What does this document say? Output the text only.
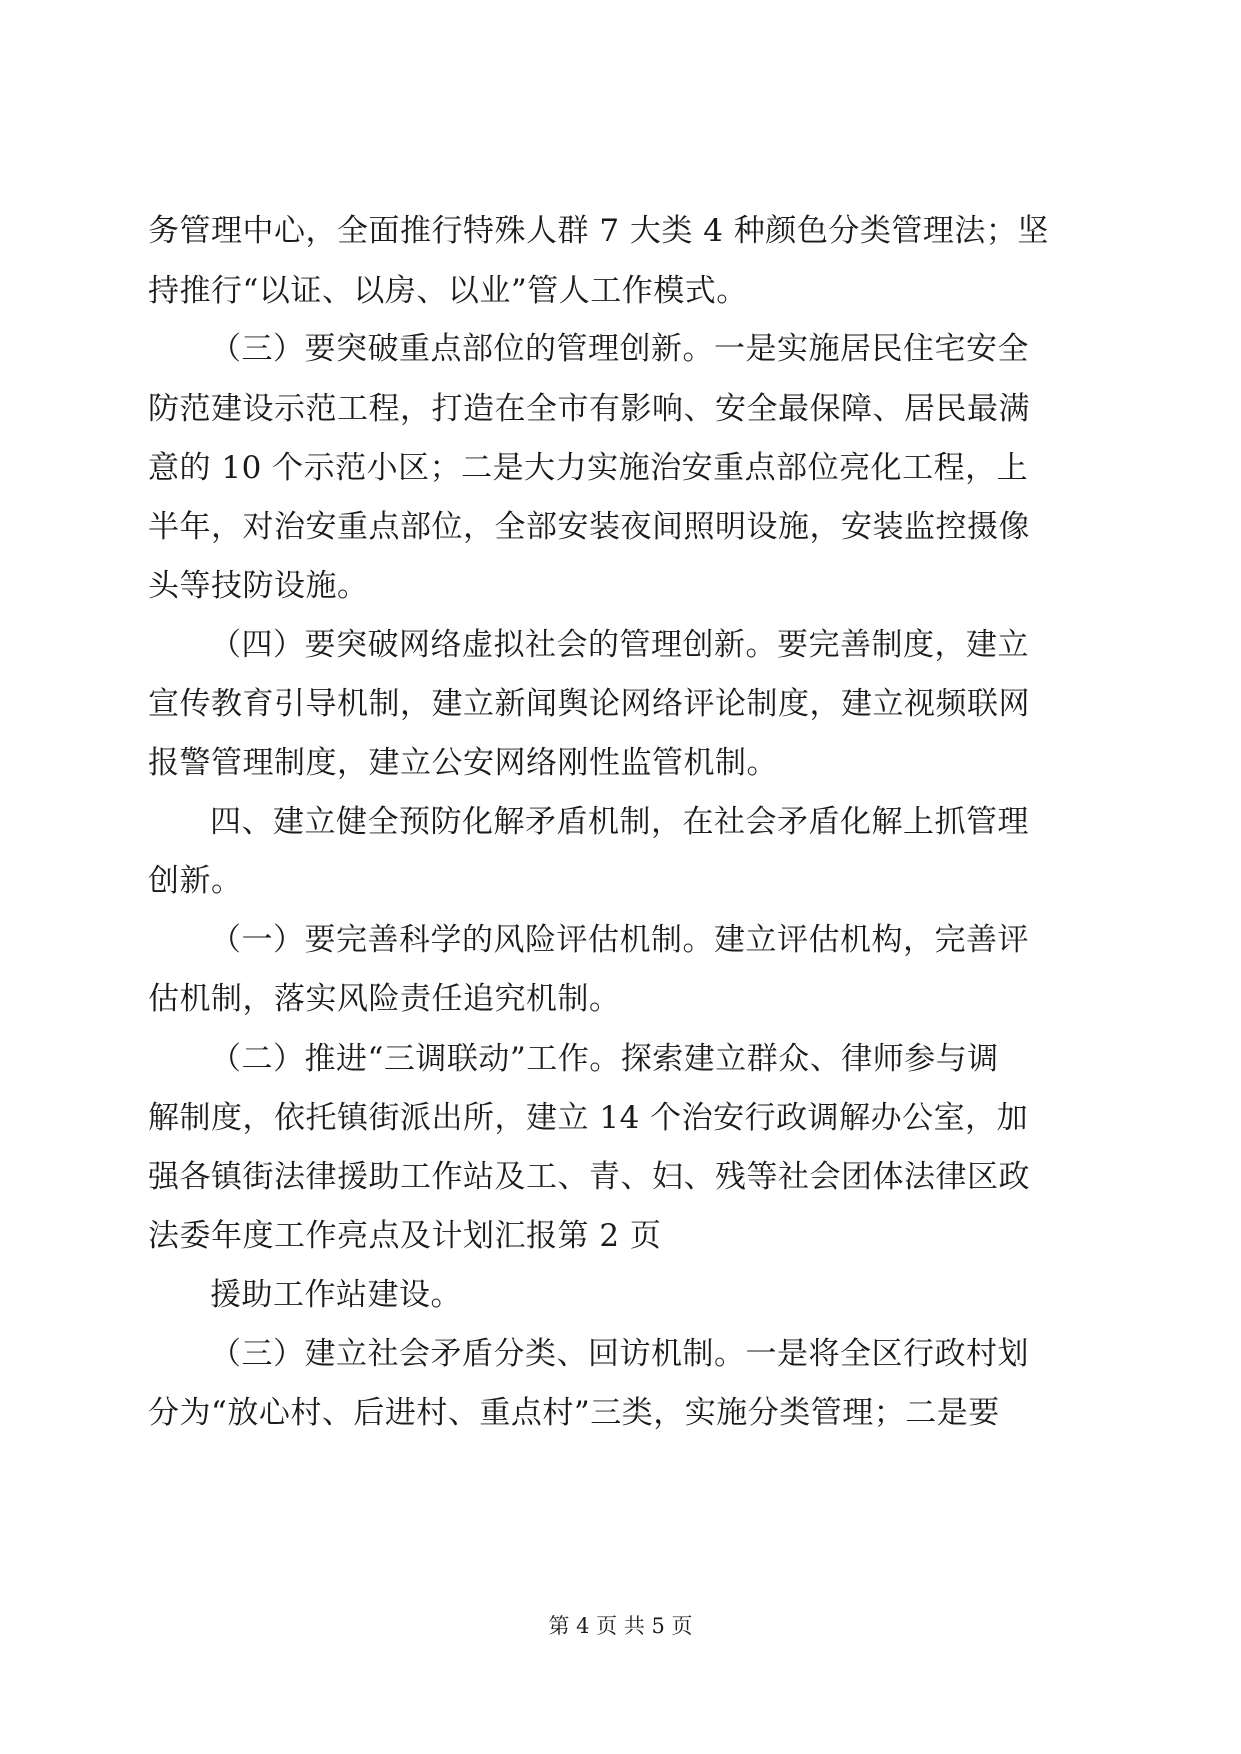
务管理中心，全面推行特殊人群 7 大类 4 种颜色分类管理法；坚

持推行“以证、以房、以业”管人工作模式。

（三）要突破重点部位的管理创新。一是实施居民住宅安全

防范建设示范工程，打造在全市有影响、安全最保障、居民最满

意的 10 个示范小区；二是大力实施治安重点部位亮化工程，上

半年，对治安重点部位，全部安装夜间照明设施，安装监控摄像

头等技防设施。

（四）要突破网络虚拟社会的管理创新。要完善制度，建立

宣传教育引导机制，建立新闻舆论网络评论制度，建立视频联网

报警管理制度，建立公安网络刚性监管机制。

四、建立健全预防化解矛盾机制，在社会矛盾化解上抓管理

创新。

（一）要完善科学的风险评估机制。建立评估机构，完善评

估机制，落实风险责任追究机制。

（二）推进“三调联动”工作。探索建立群众、律师参与调

解制度，依托镇街派出所，建立 14 个治安行政调解办公室，加

强各镇街法律援助工作站及工、青、妇、残等社会团体法律区政

法委年度工作亮点及计划汇报第 2 页

援助工作站建设。

（三）建立社会矛盾分类、回访机制。一是将全区行政村划

分为“放心村、后进村、重点村”三类，实施分类管理；二是要

第 4 页 共 5 页
